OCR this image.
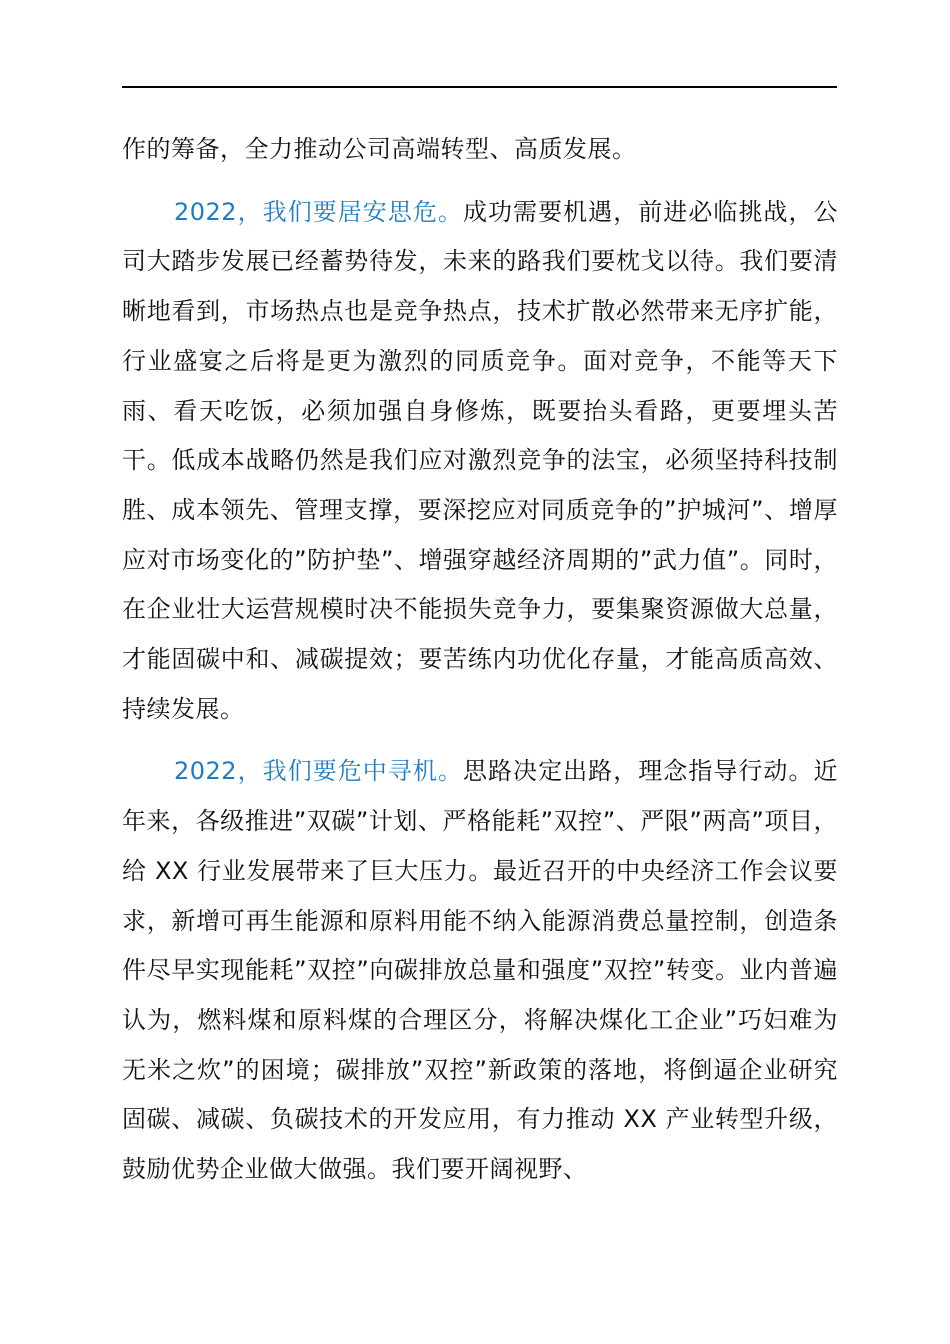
作的筹备，全力推动公司高端转型、高质发展。

2022，我们要居安思危。成功需要机遇，前进必临挑战，公司大踏步发展已经蓄势待发，未来的路我们要枕戈以待。我们要清晰地看到，市场热点也是竞争热点，技术扩散必然带来无序扩能，行业盛宴之后将是更为激烈的同质竞争。面对竞争，不能等天下雨、看天吃饭，必须加强自身修炼，既要抬头看路，更要埋头苦干。低成本战略仍然是我们应对激烈竞争的法宝，必须坚持科技制胜、成本领先、管理支撑，要深挖应对同质竞争的”护城河”、增厚应对市场变化的”防护垫”、增强穿越经济周期的”武力值”。同时，在企业壮大运营规模时决不能损失竞争力，要集聚资源做大总量，才能固碳中和、减碳提效；要苦练内功优化存量，才能高质高效、持续发展。

2022，我们要危中寻机。思路决定出路，理念指导行动。近年来，各级推进”双碳”计划、严格能耗”双控”、严限”两高”项目，给 XX 行业发展带来了巨大压力。最近召开的中央经济工作会议要求，新增可再生能源和原料用能不纳入能源消费总量控制，创造条件尽早实现能耗”双控”向碳排放总量和强度”双控”转变。业内普遍认为，燃料煤和原料煤的合理区分，将解决煤化工企业”巧妇难为无米之炊”的困境；碳排放”双控”新政策的落地，将倒逼企业研究固碳、减碳、负碳技术的开发应用，有力推动 XX 产业转型升级，鼓励优势企业做大做强。我们要开阔视野、
